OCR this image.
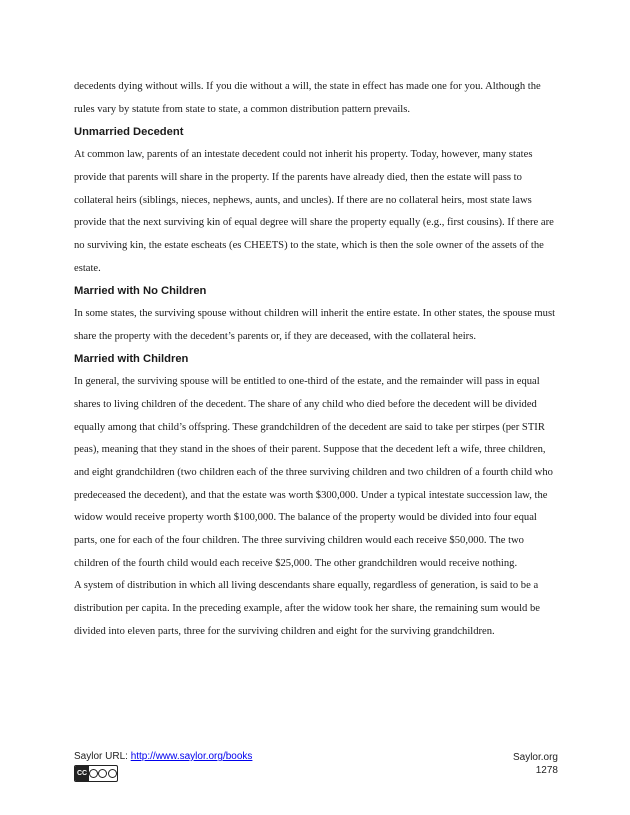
decedents dying without wills. If you die without a will, the state in effect has made one for you. Although the rules vary by statute from state to state, a common distribution pattern prevails.

Unmarried Decedent

At common law, parents of an intestate decedent could not inherit his property. Today, however, many states provide that parents will share in the property. If the parents have already died, then the estate will pass to collateral heirs (siblings, nieces, nephews, aunts, and uncles). If there are no collateral heirs, most state laws provide that the next surviving kin of equal degree will share the property equally (e.g., first cousins). If there are no surviving kin, the estate escheats (es CHEETS) to the state, which is then the sole owner of the assets of the estate.

Married with No Children

In some states, the surviving spouse without children will inherit the entire estate. In other states, the spouse must share the property with the decedent’s parents or, if they are deceased, with the collateral heirs.

Married with Children

In general, the surviving spouse will be entitled to one-third of the estate, and the remainder will pass in equal shares to living children of the decedent. The share of any child who died before the decedent will be divided equally among that child’s offspring. These grandchildren of the decedent are said to take per stirpes (per STIR peas), meaning that they stand in the shoes of their parent. Suppose that the decedent left a wife, three children, and eight grandchildren (two children each of the three surviving children and two children of a fourth child who predeceased the decedent), and that the estate was worth $300,000. Under a typical intestate succession law, the widow would receive property worth $100,000. The balance of the property would be divided into four equal parts, one for each of the four children. The three surviving children would each receive $50,000. The two children of the fourth child would each receive $25,000. The other grandchildren would receive nothing.

A system of distribution in which all living descendants share equally, regardless of generation, is said to be a distribution per capita. In the preceding example, after the widow took her share, the remaining sum would be divided into eleven parts, three for the surviving children and eight for the surviving grandchildren.

Saylor URL: http://www.saylor.org/books	Saylor.org
1278
CC
